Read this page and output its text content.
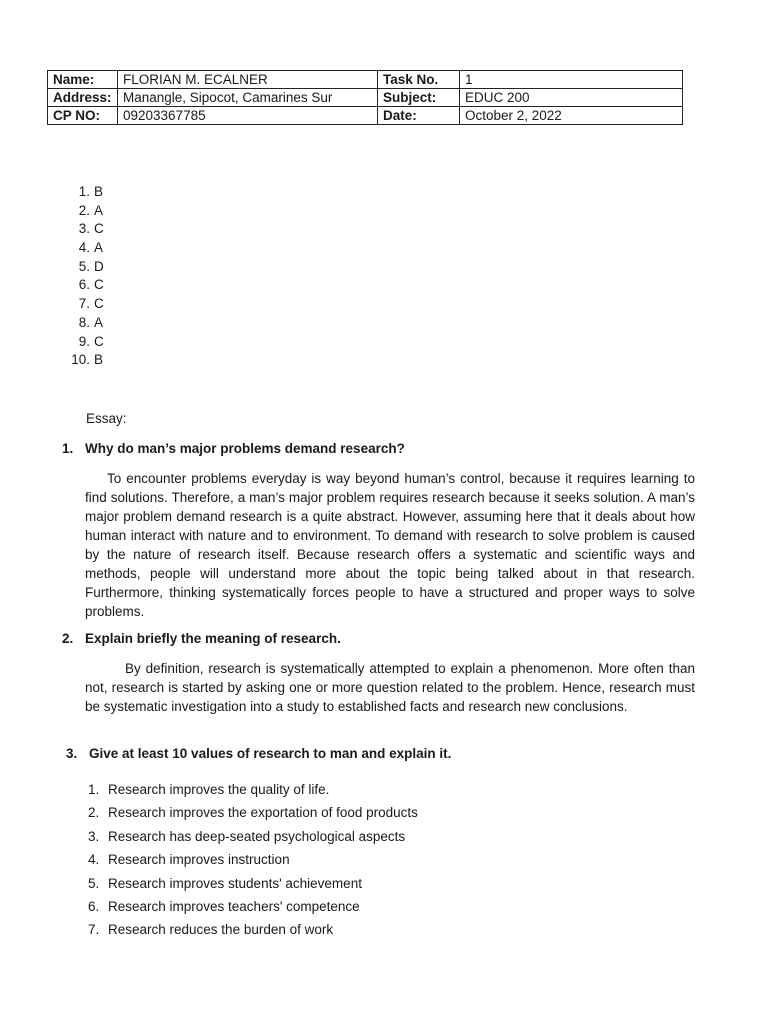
Name:	FLORIAN M. ECALNER	Task No.	1
Address:	Manangle, Sipocot, Camarines Sur	Subject:	EDUC 200
CP NO:	09203367785	Date:	October 2, 2022
1. B
2. A
3. C
4. A
5. D
6. C
7. C
8. A
9. C
10. B
Essay:
1. Why do man’s major problems demand research?

To encounter problems everyday is way beyond human’s control, because it requires learning to find solutions. Therefore, a man’s major problem requires research because it seeks solution. A man’s major problem demand research is a quite abstract. However, assuming here that it deals about how human interact with nature and to environment. To demand with research to solve problem is caused by the nature of research itself. Because research offers a systematic and scientific ways and methods, people will understand more about the topic being talked about in that research. Furthermore, thinking systematically forces people to have a structured and proper ways to solve problems.

2. Explain briefly the meaning of research.

By definition, research is systematically attempted to explain a phenomenon. More often than not, research is started by asking one or more question related to the problem. Hence, research must be systematic investigation into a study to established facts and research new conclusions.

3. Give at least 10 values of research to man and explain it.
1. Research improves the quality of life.
2. Research improves the exportation of food products
3. Research has deep-seated psychological aspects
4. Research improves instruction
5. Research improves students' achievement
6. Research improves teachers' competence
7. Research reduces the burden of work
